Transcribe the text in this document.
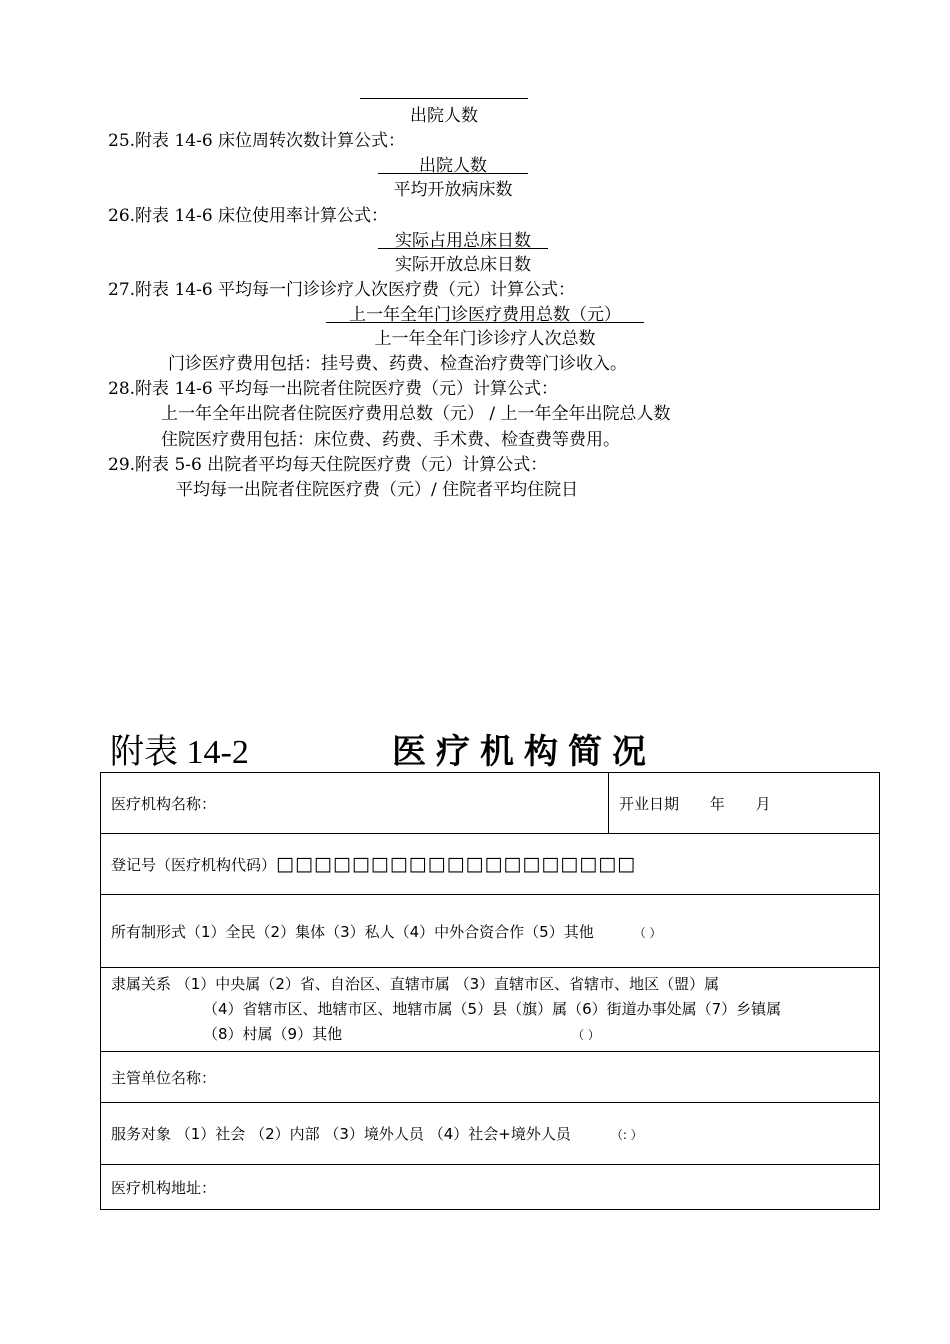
出院人数
25.附表 14-6 床位周转次数计算公式：
出院人数
平均开放病床数
26.附表 14-6 床位使用率计算公式：
实际占用总床日数
实际开放总床日数
27.附表 14-6 平均每一门诊诊疗人次医疗费（元）计算公式：
上一年全年门诊医疗费用总数（元）
上一年全年门诊诊疗人次总数
门诊医疗费用包括：挂号费、药费、检查治疗费等门诊收入。
28.附表 14-6 平均每一出院者住院医疗费（元）计算公式：
上一年全年出院者住院医疗费用总数（元） / 上一年全年出院总人数
住院医疗费用包括：床位费、药费、手术费、检查费等费用。
29.附表 5-6 出院者平均每天住院医疗费（元）计算公式：
平均每一出院者住院医疗费（元）/ 住院者平均住院日
附表 14-2	医疗机构简况
医疗机构名称：	开业日期 年 月
登记号（医疗机构代码）□□□□□□□□□□□□□□□□□□□
所有制形式（1）全民（2）集体（3）私人（4）中外合资合作（5）其他	（ ）

隶属关系 （1）中央属（2）省、自治区、直辖市属 （3）直辖市区、省辖市、地区（盟）属
（4）省辖市区、地辖市区、地辖市属（5）县（旗）属（6）街道办事处属（7）乡镇属
（8）村属（9）其他	（ ）

主管单位名称：
服务对象 （1）社会 （2）内部 （3）境外人员 （4）社会+境外人员	（: ）
医疗机构地址：
